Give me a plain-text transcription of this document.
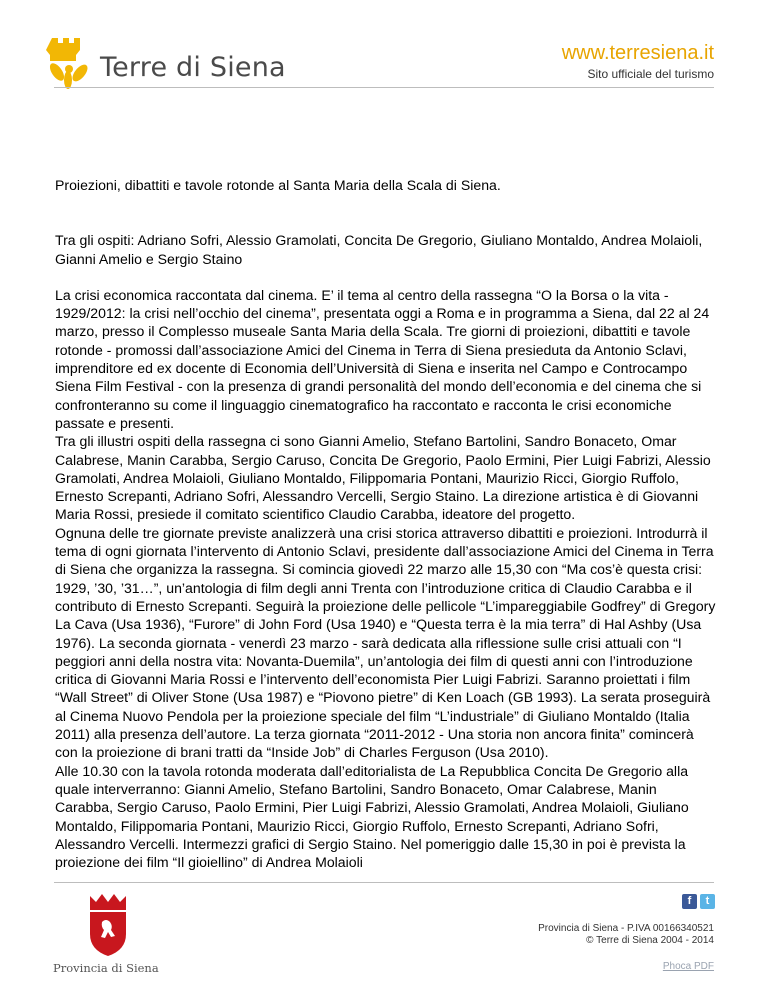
Terre di Siena	www.terresiena.it
Sito ufficiale del turismo

Proiezioni, dibattiti e tavole rotonde al Santa Maria della Scala di Siena.

Tra gli ospiti: Adriano Sofri, Alessio Gramolati, Concita De Gregorio, Giuliano Montaldo, Andrea Molaioli, Gianni Amelio e Sergio Staino

La crisi economica raccontata dal cinema. E’ il tema al centro della rassegna “O la Borsa o la vita - 1929/2012: la crisi nell’occhio del cinema”, presentata oggi a Roma e in programma a Siena, dal 22 al 24 marzo, presso il Complesso museale Santa Maria della Scala. Tre giorni di proiezioni, dibattiti e tavole rotonde - promossi dall’associazione Amici del Cinema in Terra di Siena presieduta da Antonio Sclavi, imprenditore ed ex docente di Economia dell’Università di Siena e inserita nel Campo e Controcampo Siena Film Festival - con la presenza di grandi personalità del mondo dell’economia e del cinema che si confronteranno su come il linguaggio cinematografico ha raccontato e racconta le crisi economiche passate e presenti.

Tra gli illustri ospiti della rassegna ci sono Gianni Amelio, Stefano Bartolini, Sandro Bonaceto, Omar Calabrese, Manin Carabba, Sergio Caruso, Concita De Gregorio, Paolo Ermini, Pier Luigi Fabrizi, Alessio Gramolati, Andrea Molaioli, Giuliano Montaldo, Filippomaria Pontani, Maurizio Ricci, Giorgio Ruffolo, Ernesto Screpanti, Adriano Sofri, Alessandro Vercelli, Sergio Staino. La direzione artistica è di Giovanni Maria Rossi, presiede il comitato scientifico Claudio Carabba, ideatore del progetto.

Ognuna delle tre giornate previste analizzerà una crisi storica attraverso dibattiti e proiezioni. Introdurrà il tema di ogni giornata l’intervento di Antonio Sclavi, presidente dall’associazione Amici del Cinema in Terra di Siena che organizza la rassegna. Si comincia giovedì 22 marzo alle 15,30 con “Ma cos’è questa crisi: 1929, ’30, ’31…”, un’antologia di film degli anni Trenta con l’introduzione critica di Claudio Carabba e il contributo di Ernesto Screpanti. Seguirà la proiezione delle pellicole “L’impareggiabile Godfrey” di Gregory La Cava (Usa 1936), “Furore” di John Ford (Usa 1940) e “Questa terra è la mia terra” di Hal Ashby (Usa 1976). La seconda giornata - venerdì 23 marzo - sarà dedicata alla riflessione sulle crisi attuali con “I peggiori anni della nostra vita: Novanta-Duemila”, un’antologia dei film di questi anni con l’introduzione critica di Giovanni Maria Rossi e l’intervento dell’economista Pier Luigi Fabrizi. Saranno proiettati i film “Wall Street” di Oliver Stone (Usa 1987) e “Piovono pietre” di Ken Loach (GB 1993). La serata proseguirà al Cinema Nuovo Pendola per la proiezione speciale del film “L’industriale” di Giuliano Montaldo (Italia 2011) alla presenza dell’autore. La terza giornata “2011-2012 - Una storia non ancora finita” comincerà con la proiezione di brani tratti da “Inside Job” di Charles Ferguson (Usa 2010).

Alle 10.30 con la tavola rotonda moderata dall’editorialista de La Repubblica Concita De Gregorio alla quale interverranno: Gianni Amelio, Stefano Bartolini, Sandro Bonaceto, Omar Calabrese, Manin Carabba, Sergio Caruso, Paolo Ermini, Pier Luigi Fabrizi, Alessio Gramolati, Andrea Molaioli, Giuliano Montaldo, Filippomaria Pontani, Maurizio Ricci, Giorgio Ruffolo, Ernesto Screpanti, Adriano Sofri, Alessandro Vercelli. Intermezzi grafici di Sergio Staino. Nel pomeriggio dalle 15,30 in poi è prevista la proiezione dei film “Il gioiellino” di Andrea Molaioli

Provincia di Siena
f	t
Provincia di Siena - P.IVA 00166340521
© Terre di Siena 2004 - 2014
Phoca PDF
